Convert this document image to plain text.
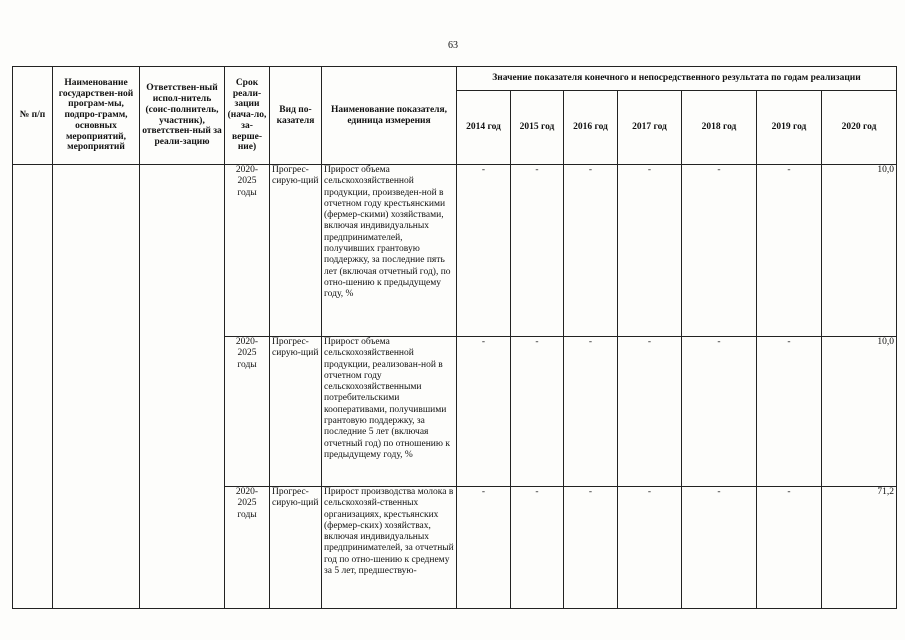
63
№ п/п	Наименование государствен-ной програм-мы, подпро-грамм, основных мероприятий, мероприятий	Ответствен-ный испол-нитель (соис-полнитель, участник), ответствен-ный за реали-зацию	Срок реали-зации (нача-ло, за-верше-ние)	Вид по-казателя	Наименование показателя, единица измерения	Значение показателя конечного и непосредственного результата по годам реализации						
						2014 год	2015 год	2016 год	2017 год	2018 год	2019 год	2020 год
			2020-2025 годы	Прогрес-сирую-щий	Прирост объема сельскохозяйственной продукции, произведен-ной в отчетном году крестьянскими (фермер-скими) хозяйствами, включая индивидуальных предпринимателей, получивших грантовую поддержку, за последние пять лет (включая отчетный год), по отно-шению к предыдущему году, %	-	-	-	-	-	-	10,0
			2020-2025 годы	Прогрес-сирую-щий	Прирост объема сельскохозяйственной продукции, реализован-ной в отчетном году сельскохозяйственными потребительскими кооперативами, получившими грантовую поддержку, за последние 5 лет (включая отчетный год) по отношению к предыдущему году, %	-	-	-	-	-	-	10,0
			2020-2025 годы	Прогрес-сирую-щий	Прирост производства молока в сельскохозяй-ственных организациях, крестьянских (фермер-ских) хозяйствах, включая индивидуальных предпринимателей, за отчетный год по отно-шению к среднему за 5 лет, предшествую-	-	-	-	-	-	-	71,2
